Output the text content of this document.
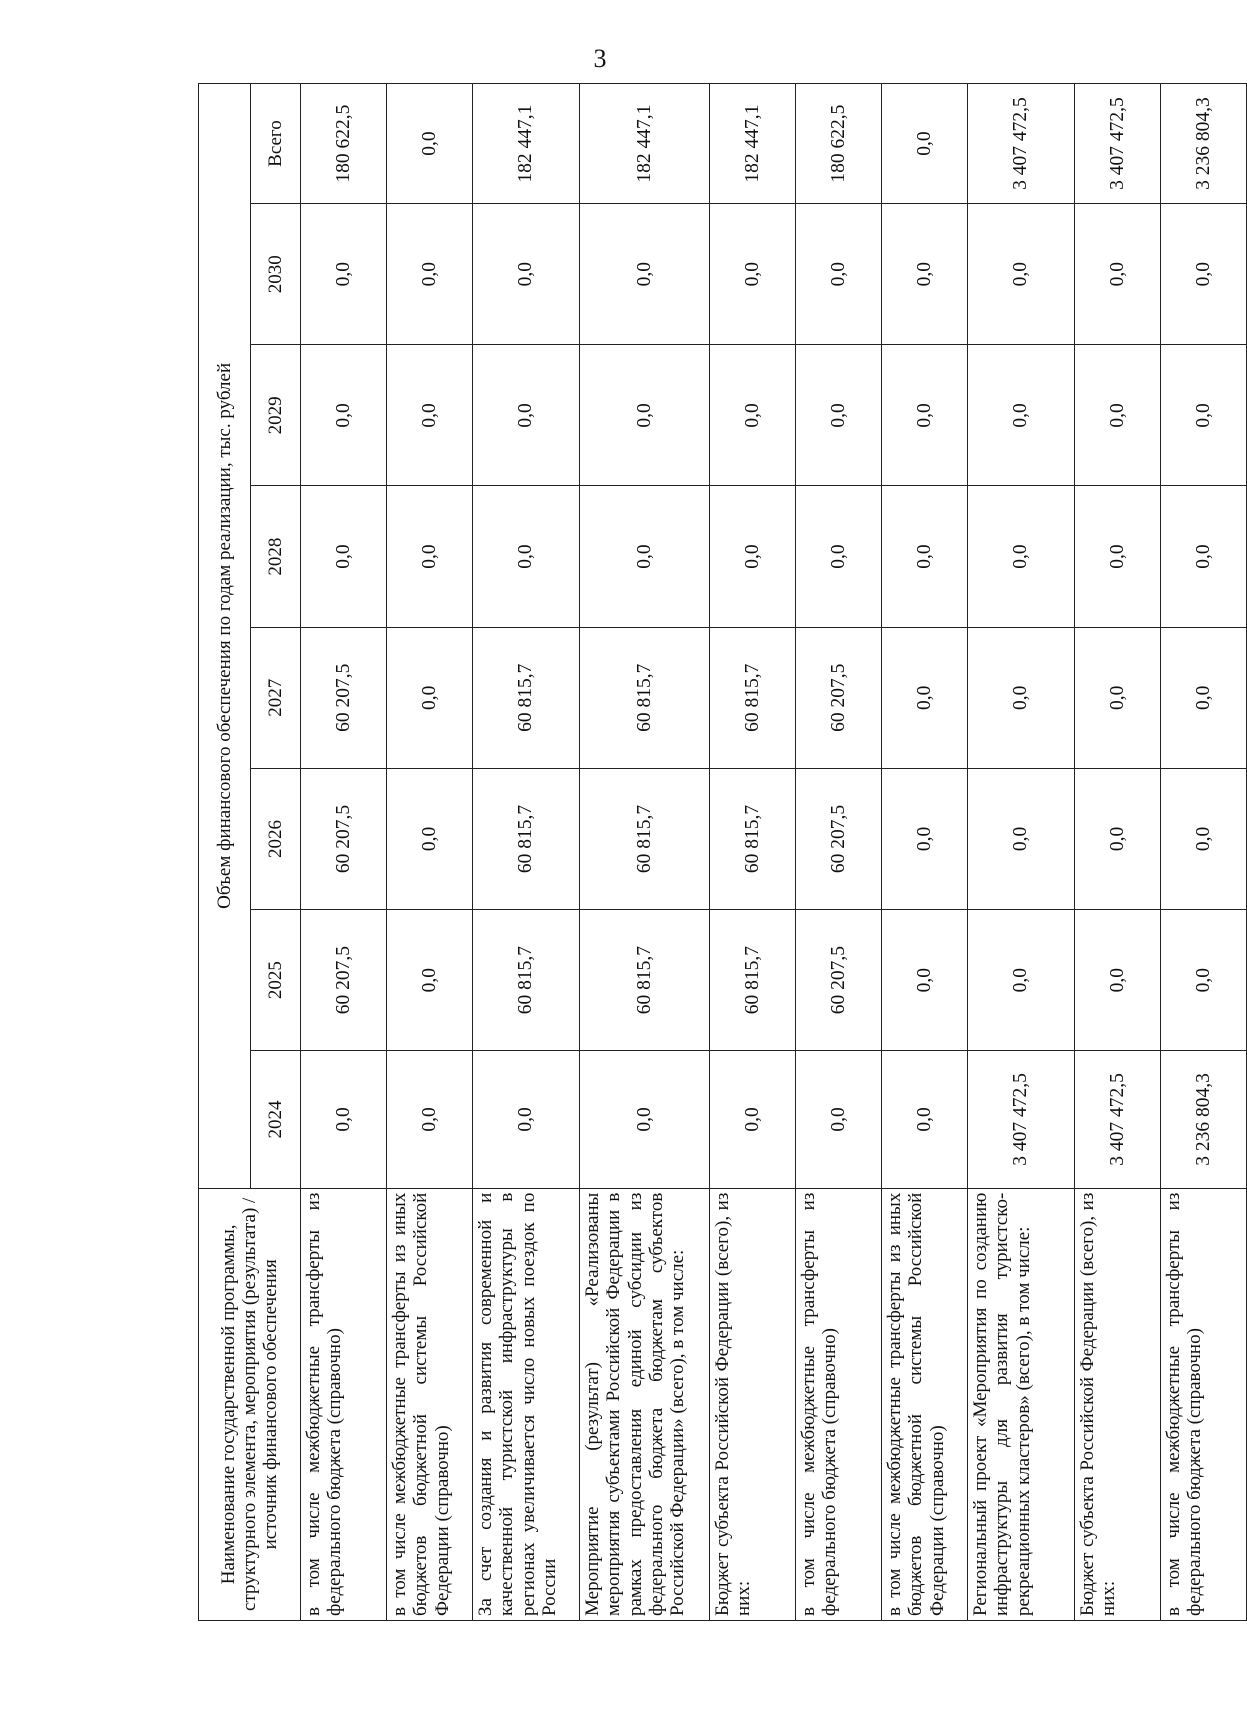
3
Наименование государственной программы, структурного элемента, мероприятия (результата) / источник финансового обеспечения	Объем финансового обеспечения по годам реализации, тыс. рублей							
	2024	2025	2026	2027	2028	2029	2030	Всего
в том числе межбюджетные трансферты из федерального бюджета (справочно)	0,0	60 207,5	60 207,5	60 207,5	0,0	0,0	0,0	180 622,5
в том числе межбюджетные трансферты из иных бюджетов бюджетной системы Российской Федерации (справочно)	0,0	0,0	0,0	0,0	0,0	0,0	0,0	0,0
За счет создания и развития современной и качественной туристской инфраструктуры в регионах увеличивается число новых поездок по России	0,0	60 815,7	60 815,7	60 815,7	0,0	0,0	0,0	182 447,1
Мероприятие (результат) «Реализованы мероприятия субъектами Российской Федерации в рамках предоставления единой субсидии из федерального бюджета бюджетам субъектов Российской Федерации» (всего), в том числе:	0,0	60 815,7	60 815,7	60 815,7	0,0	0,0	0,0	182 447,1
Бюджет субъекта Российской Федерации (всего), из них:	0,0	60 815,7	60 815,7	60 815,7	0,0	0,0	0,0	182 447,1
в том числе межбюджетные трансферты из федерального бюджета (справочно)	0,0	60 207,5	60 207,5	60 207,5	0,0	0,0	0,0	180 622,5
в том числе межбюджетные трансферты из иных бюджетов бюджетной системы Российской Федерации (справочно)	0,0	0,0	0,0	0,0	0,0	0,0	0,0	0,0
Региональный проект «Мероприятия по созданию инфраструктуры для развития туристско-рекреационных кластеров» (всего), в том числе:	3 407 472,5	0,0	0,0	0,0	0,0	0,0	0,0	3 407 472,5
Бюджет субъекта Российской Федерации (всего), из них:	3 407 472,5	0,0	0,0	0,0	0,0	0,0	0,0	3 407 472,5
в том числе межбюджетные трансферты из федерального бюджета (справочно)	3 236 804,3	0,0	0,0	0,0	0,0	0,0	0,0	3 236 804,3
